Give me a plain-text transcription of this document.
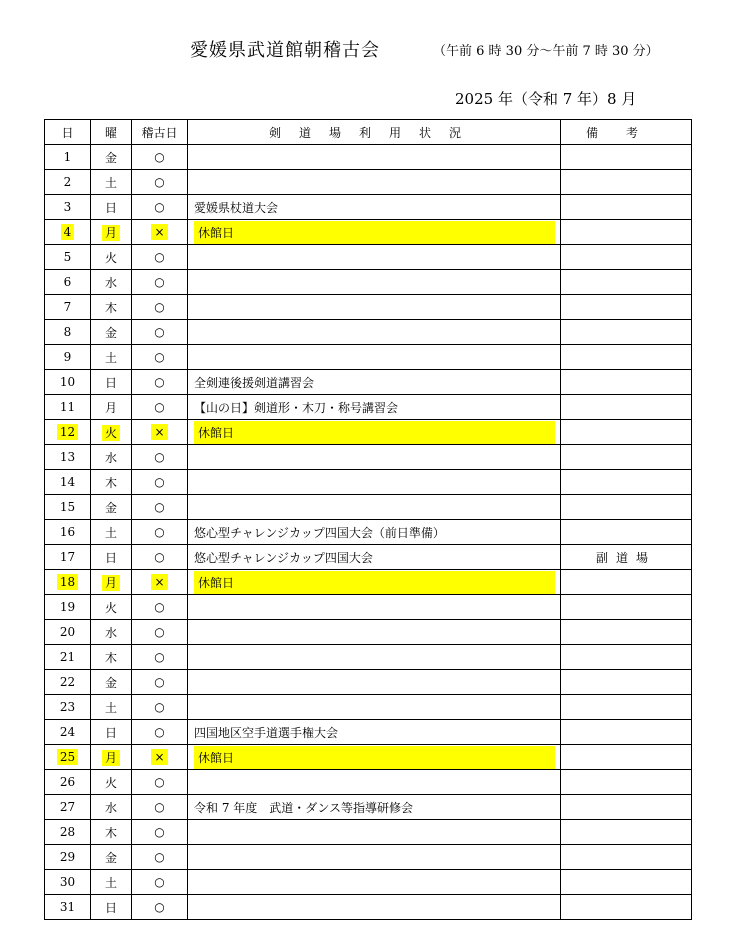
愛媛県武道館朝稽古会	（午前 6 時 30 分～午前 7 時 30 分）
2025 年（令和 7 年）8 月
日	曜	稽古日	剣道場利用状況	備考
1	金	○		
2	土	○		
3	日	○	愛媛県杖道大会	
4	月	×	休館日	

5	火	○		
6	水	○		
7	木	○		
8	金	○		
9	土	○		
10	日	○	全剣連後援剣道講習会	
11	月	○	【山の日】剣道形・木刀・称号講習会	
12	火	×	休館日	

13	水	○		
14	木	○		
15	金	○		
16	土	○	悠心型チャレンジカップ四国大会（前日準備）	
17	日	○	悠心型チャレンジカップ四国大会	副道場
18	月	×	休館日	

19	火	○		
20	水	○		
21	木	○		
22	金	○		
23	土	○		
24	日	○	四国地区空手道選手権大会	
25	月	×	休館日	

26	火	○		
27	水	○	令和 7 年度　武道・ダンス等指導研修会	
28	木	○		
29	金	○		
30	土	○		
31	日	○		
